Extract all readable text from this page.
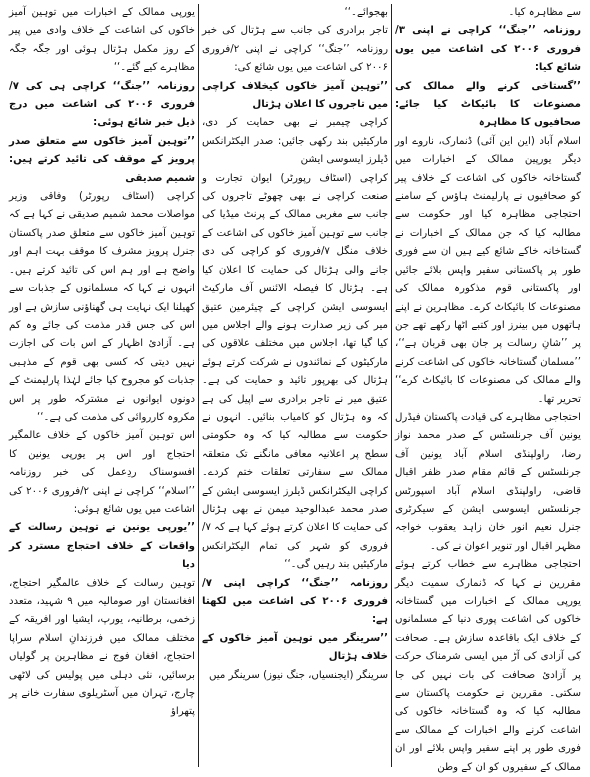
یورپی ممالک کے اخبارات میں توہین آمیز خاکوں کی اشاعت کے خلاف وادی میں پیر کے روز مکمل ہڑتال ہوئی اور جگہ جگہ مظاہرے کیے گئے۔‘‘

روزنامہ ’’جنگ‘‘ کراچی ہی کی ۷/فروری ۲۰۰۶ کی اشاعت میں درج ذیل خبر شائع ہوئی:

’’توہین آمیز خاکوں سے متعلق صدر پرویز کے موقف کی تائید کرتے ہیں: شمیم صدیقی

کراچی (اسٹاف رپورٹر) وفاقی وزیر مواصلات محمد شمیم صدیقی نے کہا ہے کہ توہین آمیز خاکوں سے متعلق صدر پاکستان جنرل پرویز مشرف کا موقف بہت اہم اور واضح ہے اور ہم اس کی تائید کرتے ہیں۔ انہوں نے کہا کہ مسلمانوں کے جذبات سے کھیلنا ایک نہایت ہی گھناؤنی سازش ہے اور اس کی جس قدر مذمت کی جائے وہ کم ہے۔ آزادیٔ اظہار کے اس بات کی اجازت نہیں دیتی کہ کسی بھی قوم کے مذہبی جذبات کو مجروح کیا جائے لہٰذا پارلیمنٹ کے دونوں ایوانوں نے مشترکہ طور پر اس مکروہ کارروائی کی مذمت کی ہے۔‘‘

اس توہین آمیز خاکوں کے خلاف عالمگیر احتجاج اور اس پر یورپی یونین کا افسوسناک ردِعمل کی خبر روزنامہ ’’اسلام‘‘ کراچی نے اپنی ۲/فروری ۲۰۰۶ کی اشاعت میں یوں شائع ہوئی:

’’یورپی یونین نے توہین رسالت کے واقعات کے خلاف احتجاج مسترد کر دیا

توہین رسالت کے خلاف عالمگیر احتجاج، افغانستان اور صومالیہ میں ۹ شہید، متعدد زخمی، برطانیہ، یورپ، ایشیا اور افریقہ کے مختلف ممالک میں فرزندانِ اسلام سراپا احتجاج، افغان فوج نے مظاہرین پر گولیاں برسائیں، نئی دہلی میں پولیس کی لاٹھی چارج، تہران میں آسٹریلوی سفارت خانے پر پتھراؤ

بھجوائے۔‘‘

تاجر برادری کی جانب سے ہڑتال کی خبر روزنامہ ’’جنگ‘‘ کراچی نے اپنی ۲/فروری ۲۰۰۶ کی اشاعت میں یوں شائع کی:

’’توہین آمیز خاکوں کیخلاف کراچی میں تاجروں کا اعلان ہڑتال

کراچی چیمبر نے بھی حمایت کر دی، مارکیٹیں بند رکھی جائیں: صدر الیکٹرانکس ڈیلرز ایسوسی ایشن

کراچی (اسٹاف رپورٹر) ایوان تجارت و صنعت کراچی نے بھی چھوٹے تاجروں کی جانب سے مغربی ممالک کے پرنٹ میڈیا کی جانب سے توہین آمیز خاکوں کی اشاعت کے خلاف منگل ۷/فروری کو کراچی کی دی جانے والی ہڑتال کی حمایت کا اعلان کیا ہے۔ ہڑتال کا فیصلہ الائنس آف مارکیٹ ایسوسی ایشن کراچی کے چیئرمین عتیق میر کی زیر صدارت ہونے والے اجلاس میں کیا گیا تھا، اجلاس میں مختلف علاقوں کی مارکیٹوں کے نمائندوں نے شرکت کرتے ہوئے ہڑتال کی بھرپور تائید و حمایت کی ہے۔ عتیق میر نے تاجر برادری سے اپیل کی ہے کہ وہ ہڑتال کو کامیاب بنائیں۔ انہوں نے حکومت سے مطالبہ کیا کہ وہ حکومتی سطح پر اعلانیہ معافی مانگنے تک متعلقہ ممالک سے سفارتی تعلقات ختم کردے۔ کراچی الیکٹرانکس ڈیلرز ایسوسی ایشن کے صدر محمد عبدالوحید میمن نے بھی ہڑتال کی حمایت کا اعلان کرتے ہوئے کہا ہے کہ ۷/فروری کو شہر کی تمام الیکٹرانکس مارکیٹیں بند رہیں گی۔‘‘

روزنامہ ’’جنگ‘‘ کراچی اپنی ۷/فروری ۲۰۰۶ کی اشاعت میں لکھتا ہے:

’’سرینگر میں توہین آمیز خاکوں کے خلاف ہڑتال

سرینگر (ایجنسیاں، جنگ نیوز) سرینگر میں

سے مظاہرہ کیا۔

روزنامہ ’’جنگ‘‘ کراچی نے اپنی ۳/فروری ۲۰۰۶ کی اشاعت میں یوں شائع کیا:

’’گستاخی کرنے والے ممالک کی مصنوعات کا بائیکاٹ کیا جائے: صحافیوں کا مظاہرہ

اسلام آباد (این این آئی) ڈنمارک، ناروے اور دیگر یورپین ممالک کے اخبارات میں گستاخانہ خاکوں کی اشاعت کے خلاف پیر کو صحافیوں نے پارلیمنٹ ہاؤس کے سامنے احتجاجی مظاہرہ کیا اور حکومت سے مطالبہ کیا کہ جن ممالک کے اخبارات نے گستاخانہ خاکے شائع کیے ہیں ان سے فوری طور پر پاکستانی سفیر واپس بلائے جائیں اور پاکستانی قوم مذکورہ ممالک کی مصنوعات کا بائیکاٹ کرے۔ مظاہرین نے اپنے ہاتھوں میں بینرز اور کتبے اٹھا رکھے تھے جن پر ’’شانِ رسالت پر جان بھی قربان ہے‘‘، ’’مسلمان گستاخانہ خاکوں کی اشاعت کرنے والے ممالک کی مصنوعات کا بائیکاٹ کرے‘‘ تحریر تھا۔

احتجاجی مظاہرے کی قیادت پاکستان فیڈرل یونین آف جرنلسٹس کے صدر محمد نواز رضا، راولپنڈی اسلام آباد یونین آف جرنلسٹس کے قائم مقام صدر ظفر اقبال قاضی، راولپنڈی اسلام آباد اسپورٹس جرنلسٹس ایسوسی ایشن کے سیکرٹری جنرل نعیم انور خان زاہد یعقوب خواجہ مظہر اقبال اور تنویر اعوان نے کی۔

احتجاجی مظاہرے سے خطاب کرتے ہوئے مقررین نے کہا کہ ڈنمارک سمیت دیگر یورپی ممالک کے اخبارات میں گستاخانہ خاکوں کی اشاعت پوری دنیا کے مسلمانوں کے خلاف ایک باقاعدہ سازش ہے۔ صحافت کی آزادی کی آڑ میں ایسی شرمناک حرکت پر آزادیٔ صحافت کی بات نہیں کی جا سکتی۔ مقررین نے حکومت پاکستان سے مطالبہ کیا کہ وہ گستاخانہ خاکوں کی اشاعت کرنے والے اخبارات کے ممالک سے فوری طور پر اپنے سفیر واپس بلائے اور ان ممالک کے سفیروں کو ان کے وطن
